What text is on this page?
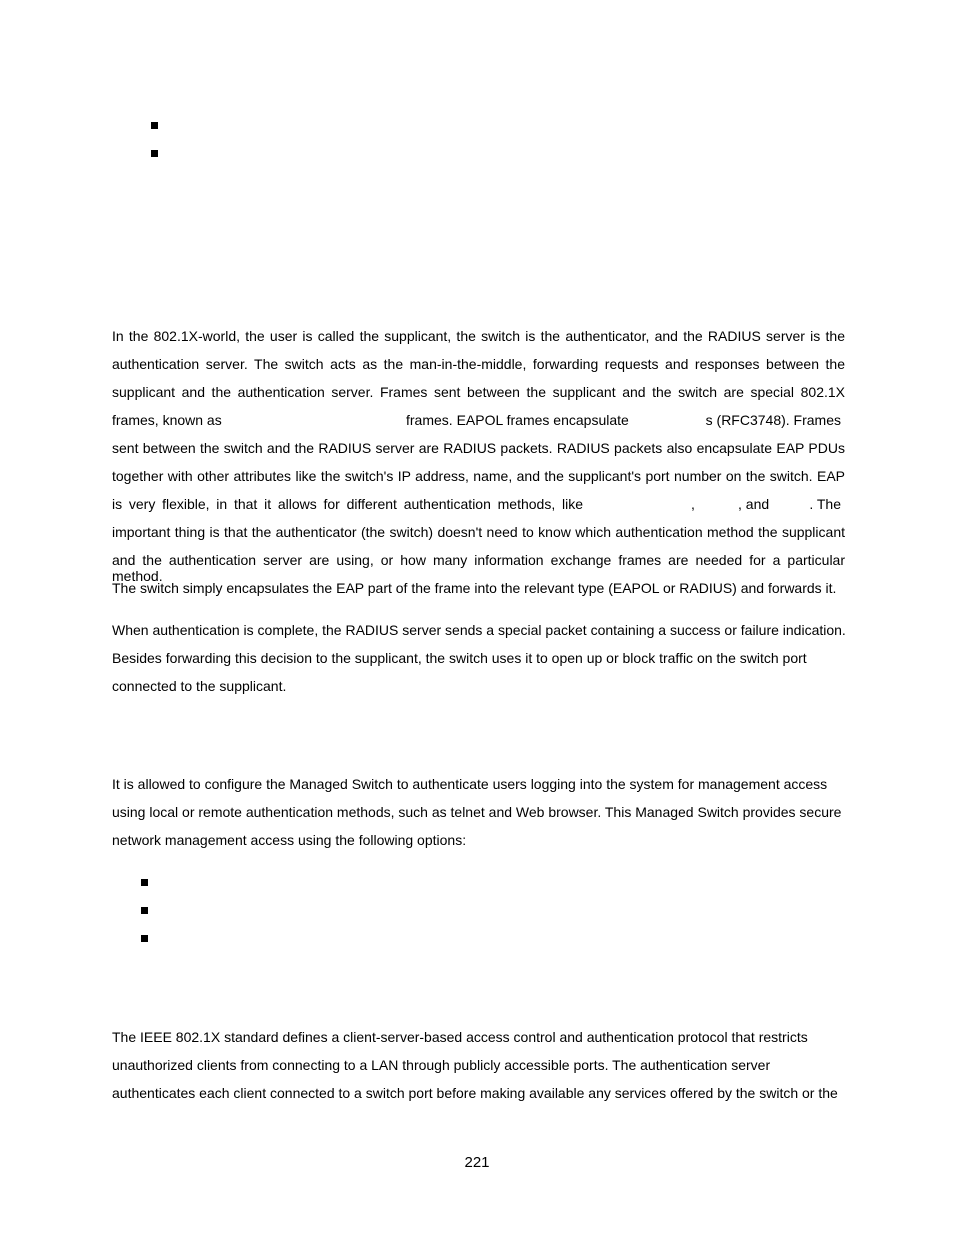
In the 802.1X-world, the user is called the supplicant, the switch is the authenticator, and the RADIUS server is the
authentication server. The switch acts as the man-in-the-middle, forwarding requests and responses between the
supplicant and the authentication server. Frames sent between the supplicant and the switch are special 802.1X
frames, known as	frames. EAPOL frames encapsulate	s (RFC3748). Frames
sent between the switch and the RADIUS server are RADIUS packets. RADIUS packets also encapsulate EAP PDUs
together with other attributes like the switch's IP address, name, and the supplicant's port number on the switch. EAP
is very flexible, in that it allows for different authentication methods, like	,	, and	. The
important thing is that the authenticator (the switch) doesn't need to know which authentication method the supplicant
and the authentication server are using, or how many information exchange frames are needed for a particular method.
The switch simply encapsulates the EAP part of the frame into the relevant type (EAPOL or RADIUS) and forwards it.
When authentication is complete, the RADIUS server sends a special packet containing a success or failure indication.
Besides forwarding this decision to the supplicant, the switch uses it to open up or block traffic on the switch port
connected to the supplicant.
It is allowed to configure the Managed Switch to authenticate users logging into the system for management access
using local or remote authentication methods, such as telnet and Web browser. This Managed Switch provides secure
network management access using the following options:
The IEEE 802.1X standard defines a client-server-based access control and authentication protocol that restricts
unauthorized clients from connecting to a LAN through publicly accessible ports. The authentication server
authenticates each client connected to a switch port before making available any services offered by the switch or the
221
